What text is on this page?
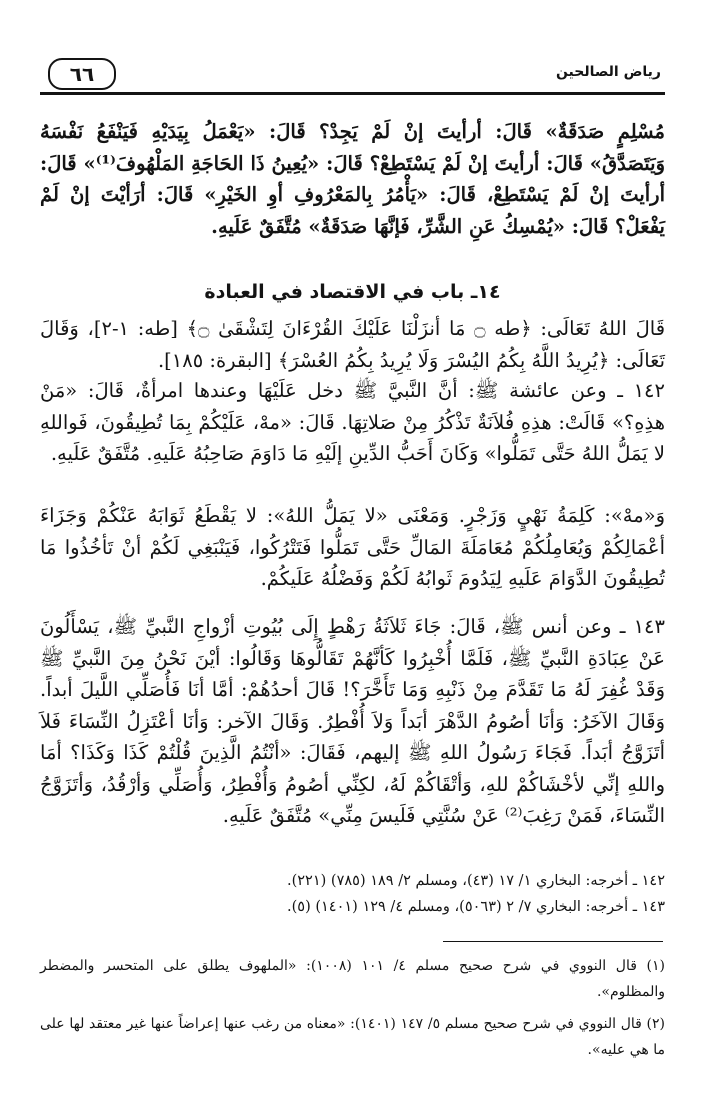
٦٦	رياض الصالحين

مُسْلِمٍ صَدَقَةٌ» قَالَ: أرأيتَ إنْ لَمْ يَجِدْ؟ قَالَ: «يَعْمَلُ بِيَدَيْهِ فَيَنْفَعُ نَفْسَهُ وَيَتَصَدَّقُ» قَالَ: أرأيتَ إنْ لَمْ يَسْتَطِعْ؟ قَالَ: «يُعِينُ ذَا الحَاجَةِ المَلْهُوفَ⁽¹⁾» قَالَ: أرأيتَ إنْ لَمْ يَسْتَطِعْ، قَالَ: «يَأْمُرُ بِالمَعْرُوفِ أوِ الخَيْرِ» قَالَ: أرَأيْتَ إنْ لَمْ يَفْعَلْ؟ قَالَ: «يُمْسِكُ عَنِ الشَّرِّ، فَإنَّهَا صَدَقَةٌ» مُتَّفَقٌ عَلَيهِ.

١٤ـ باب في الاقتصاد في العبادة

قَالَ اللهُ تَعَالَى: ﴿طه ۝ مَا أنزَلْنَا عَلَيْكَ القُرْءَانَ لِتَشْقَىٰ ۝﴾ [طه: ١-٢]، وَقَالَ تَعَالَى: ﴿يُرِيدُ اللَّهُ بِكُمُ اليُسْرَ وَلَا يُرِيدُ بِكُمُ العُسْرَ﴾ [البقرة: ١٨٥].

١٤٢ ـ وعن عائشة ﷺ: أنَّ النَّبيَّ ﷺ دخل عَلَيْهَا وعندها امرأةٌ، قَالَ: «مَنْ هذِهِ؟» قَالَتْ: هذِهِ فُلاَنَةٌ تَذْكُرُ مِنْ صَلاتِهَا. قَالَ: «مهْ، عَلَيْكُمْ بِمَا تُطِيقُونَ، فَواللهِ لا يَمَلُّ اللهُ حَتَّى تَمَلُّوا» وَكَانَ أَحَبُّ الدِّينِ إلَيْهِ مَا دَاوَمَ صَاحِبُهُ عَلَيهِ. مُتَّفَقٌ عَلَيهِ.

وَ«مهْ»: كَلِمَةُ نَهْيٍ وَزَجْرٍ. وَمَعْنَى «لا يَمَلُّ اللهُ»: لا يَقْطَعُ ثَوَابَهُ عَنْكُمْ وَجَزَاءَ أعْمَالِكُمْ وَيُعَامِلُكُمْ مُعَامَلَةَ المَالِّ حَتَّى تَمَلُّوا فَتَتْرُكُوا، فَيَنْبَغِي لَكُمْ أنْ تَأخُذُوا مَا تُطِيقُونَ الدَّوَامَ عَلَيهِ لِيَدُومَ ثَوابُهُ لَكُمْ وَفَضْلُهُ عَلَيكُمْ.

١٤٣ ـ وعن أنس ﷺ، قَالَ: جَاءَ ثَلاَثَةُ رَهْطٍ إِلَى بُيُوتِ أزْواجِ النَّبيِّ ﷺ، يَسْأَلُونَ عَنْ عِبَادَةِ النَّبيِّ ﷺ، فَلَمَّا أُخْبِرُوا كَأنَّهُمْ تَقَالُّوهَا وَقَالُوا: أيْنَ نَحْنُ مِنَ النَّبيِّ ﷺ وَقَدْ غُفِرَ لَهُ مَا تَقَدَّمَ مِنْ ذَنْبِهِ وَمَا تَأَخَّرَ؟! قَالَ أحدُهُمْ: أمَّا أنَا فَأُصَلِّي اللَّيلَ أبداً. وَقَالَ الآخَرُ: وَأنَا أصُومُ الدَّهْرَ أبَداً وَلاَ أُفْطِرُ. وَقَالَ الآخر: وَأنَا أعْتَزِلُ النِّسَاءَ فَلاَ أتَزَوَّجُ أبَداً. فَجَاءَ رَسُولُ اللهِ ﷺ إليهم، فَقَالَ: «أنْتُمُ الَّذِينَ قُلْتُمْ كَذَا وَكَذَا؟ أمَا واللهِ إنِّي لأخْشَاكُمْ للهِ، وَأتْقَاكُمْ لَهُ، لكِنِّي أصُومُ وَأُفْطِرُ، وَأُصَلِّي وَأرْقُدُ، وَأتَزَوَّجُ النِّسَاءَ، فَمَنْ رَغِبَ⁽²⁾ عَنْ سُنَّتِي فَلَيسَ مِنِّي» مُتَّفَقٌ عَلَيهِ.

١٤٢ ـ أخرجه: البخاري ١/ ١٧ (٤٣)، ومسلم ٢/ ١٨٩ (٧٨٥) (٢٢١).
١٤٣ ـ أخرجه: البخاري ٧/ ٢ (٥٠٦٣)، ومسلم ٤/ ١٢٩ (١٤٠١) (٥).

(١) قال النووي في شرح صحيح مسلم ٤/ ١٠١ (١٠٠٨): «الملهوف يطلق على المتحسر والمضطر والمظلوم».

(٢) قال النووي في شرح صحيح مسلم ٥/ ١٤٧ (١٤٠١): «معناه من رغب عنها إعراضاً عنها غير معتقد لها على ما هي عليه».
